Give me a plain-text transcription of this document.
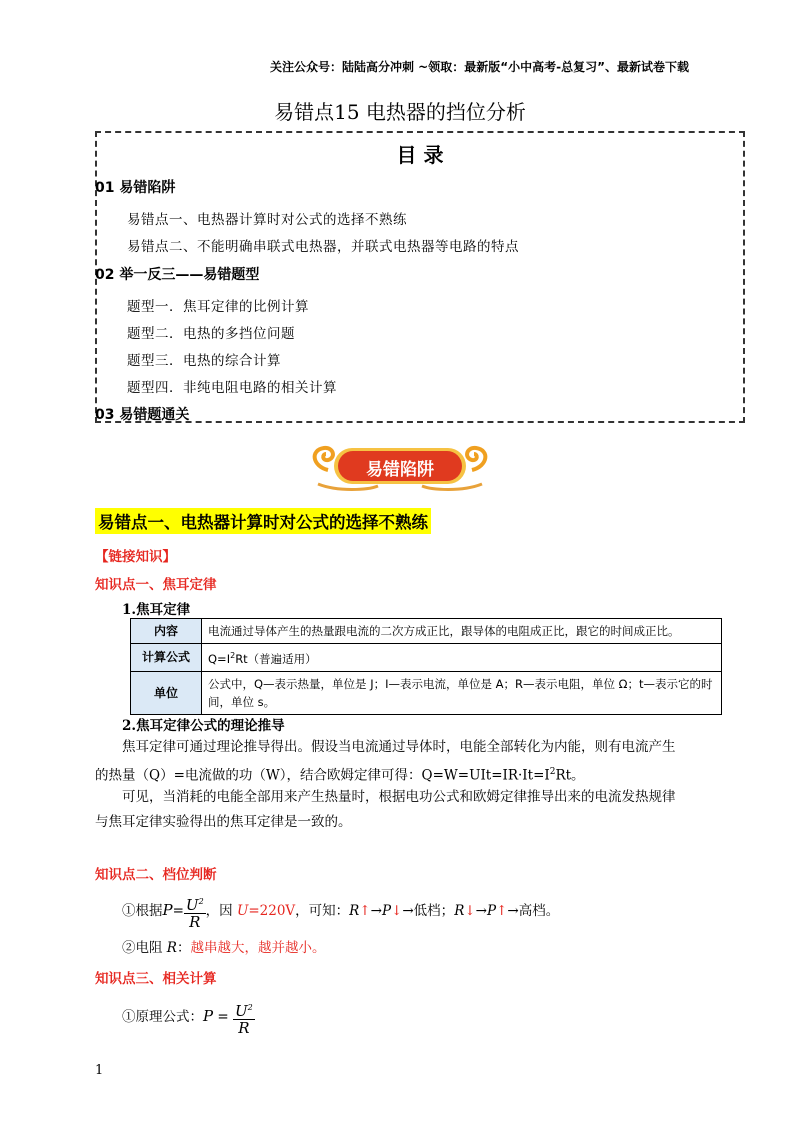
关注公众号：陆陆高分冲刺 ~领取：最新版“小中高考-总复习”、最新试卷下载
易错点15 电热器的挡位分析
目 录
01 易错陷阱
易错点一、电热器计算时对公式的选择不熟练
易错点二、不能明确串联式电热器，并联式电热器等电路的特点
02 举一反三——易错题型
题型一．焦耳定律的比例计算
题型二．电热的多挡位问题
题型三．电热的综合计算
题型四．非纯电阻电路的相关计算
03 易错题通关
易错陷阱
易错点一、电热器计算时对公式的选择不熟练
【链接知识】
知识点一、焦耳定律
1.焦耳定律
内容	电流通过导体产生的热量跟电流的二次方成正比，跟导体的电阻成正比，跟它的时间成正比。
计算公式	$Q=I^2Rt$（普遍适用）
单位	公式中，Q—表示热量，单位是 J；I—表示电流，单位是 A；R—表示电阻，单位 Ω；t—表示它的时间，单位 s。
2.焦耳定律公式的理论推导
焦耳定律可通过理论推导得出。假设当电流通过导体时，电能全部转化为内能，则有电流产生
的热量（Q）=电流做的功（W），结合欧姆定律可得：$Q=W=UIt=IR\cdot It=I^2Rt$。
可见，当消耗的电能全部用来产生热量时，根据电功公式和欧姆定律推导出来的电流发热规律
与焦耳定律实验得出的焦耳定律是一致的。
知识点二、档位判断
①根据$P= \frac{U^2}{R}$ ，因 U=220V，可知：R↑→P↓→低档；R↓→P↑→高档。
②电阻 R：越串越大，越并越小。
知识点三、相关计算
①原理公式：$P = \frac{U^2}{R}$
1
